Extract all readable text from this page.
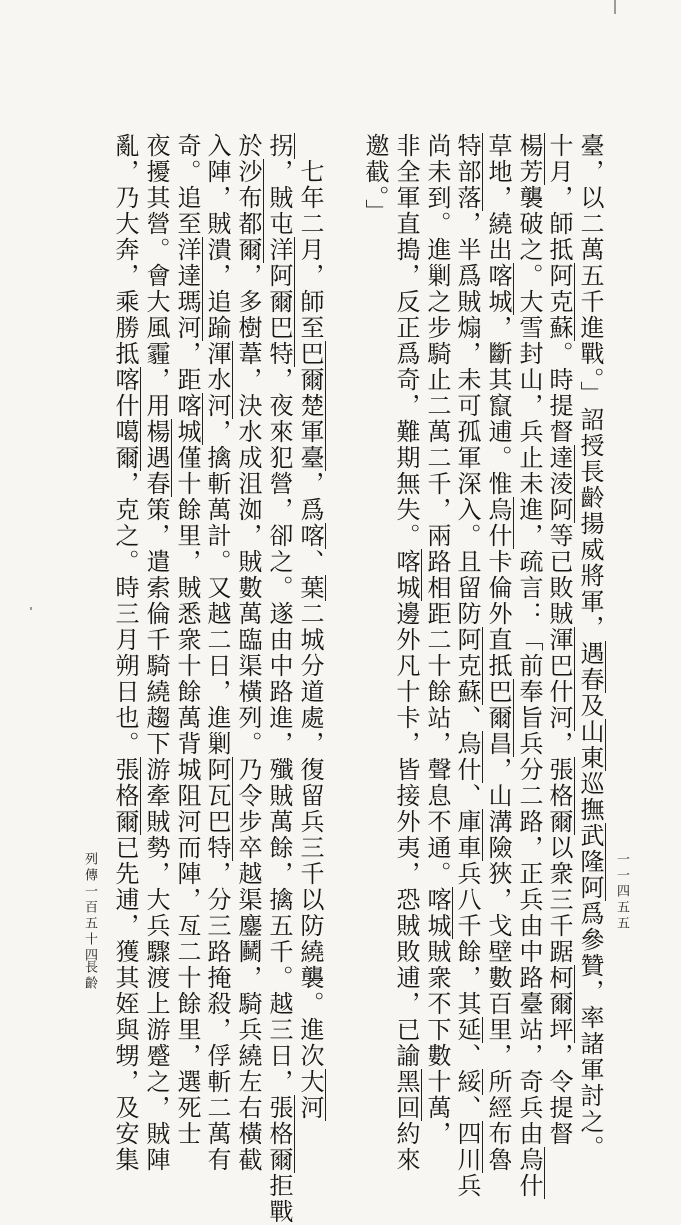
臺，以二萬五千進戰。」詔授長齡揚威將軍，遇春及山東巡撫武隆阿爲參贊，率諸軍討之。
十月，師抵阿克蘇。時提督達淩阿等已敗賊渾巴什河，張格爾以衆三千踞柯爾坪，令提督
楊芳襲破之。大雪封山，兵止未進，疏言：「前奉旨兵分二路，正兵由中路臺站，奇兵由烏什
草地，繞出喀城，斷其竄逋。惟烏什卡倫外直抵巴爾昌，山溝險狹，戈壁數百里，所經布魯
特部落，半爲賊煽，未可孤軍深入。且留防阿克蘇、烏什、庫車兵八千餘，其延、綏、四川兵
尚未到。進剿之步騎止二萬二千，兩路相距二十餘站，聲息不通。喀城賊衆不下數十萬，
非全軍直搗，反正爲奇，難期無失。喀城邊外凡十卡，皆接外夷，恐賊敗逋，已諭黑回約來
邀截。」
　七年二月，師至巴爾楚軍臺，爲喀、葉二城分道處，復留兵三千以防繞襲。進次大河
拐，賊屯洋阿爾巴特，夜來犯營，卻之。遂由中路進，殲賊萬餘，擒五千。越三日，張格爾拒戰
於沙布都爾，多樹葦，決水成沮洳，賊數萬臨渠橫列。乃令步卒越渠鏖鬭，騎兵繞左右橫截
入陣，賊潰，追踰渾水河，擒斬萬計。又越二日，進剿阿瓦巴特，分三路掩殺，俘斬二萬有
奇。追至洋達瑪河，距喀城僅十餘里，賊悉衆十餘萬背城阻河而陣，亙二十餘里，選死士
夜擾其營。會大風霾，用楊遇春策，遣索倫千騎繞趨下游牽賊勢，大兵驟渡上游蹙之，賊陣
亂，乃大奔，乘勝抵喀什噶爾，克之。時三月朔日也。張格爾已先逋，獲其姪與甥，及安集
列傳一百五十四
長齡
一一四五五
